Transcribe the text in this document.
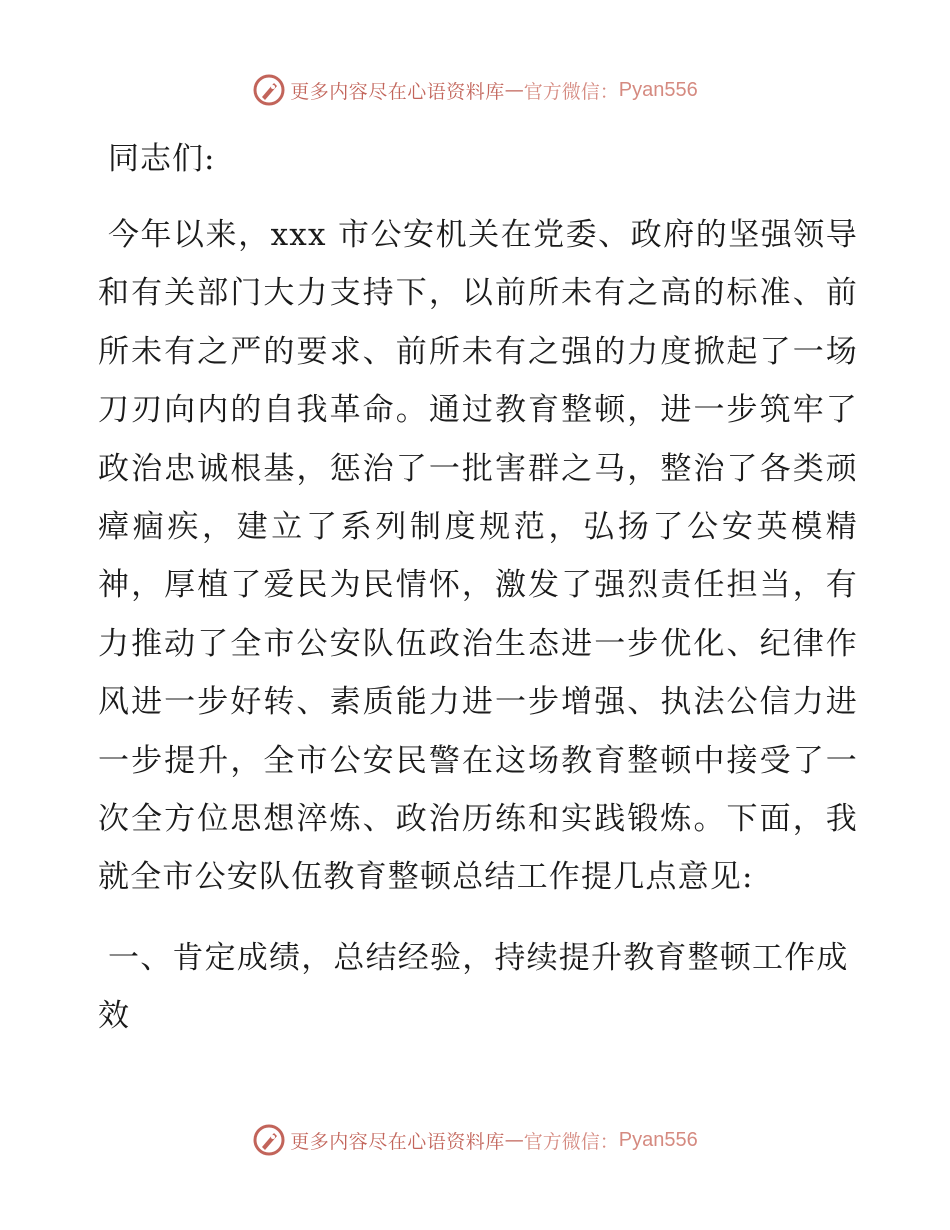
更多内容尽在心语资料库 — 官方微信： Pyan556

同志们:

今年以来，xxx 市公安机关在党委、政府的坚强领导和有关部门大力支持下，以前所未有之高的标准、前所未有之严的要求、前所未有之强的力度掀起了一场刀刃向内的自我革命。通过教育整顿，进一步筑牢了政治忠诚根基，惩治了一批害群之马，整治了各类顽瘴痼疾，建立了系列制度规范，弘扬了公安英模精神，厚植了爱民为民情怀，激发了强烈责任担当，有力推动了全市公安队伍政治生态进一步优化、纪律作风进一步好转、素质能力进一步增强、执法公信力进一步提升，全市公安民警在这场教育整顿中接受了一次全方位思想淬炼、政治历练和实践锻炼。下面，我就全市公安队伍教育整顿总结工作提几点意见:

一、肯定成绩，总结经验，持续提升教育整顿工作成效

更多内容尽在心语资料库 — 官方微信： Pyan556
